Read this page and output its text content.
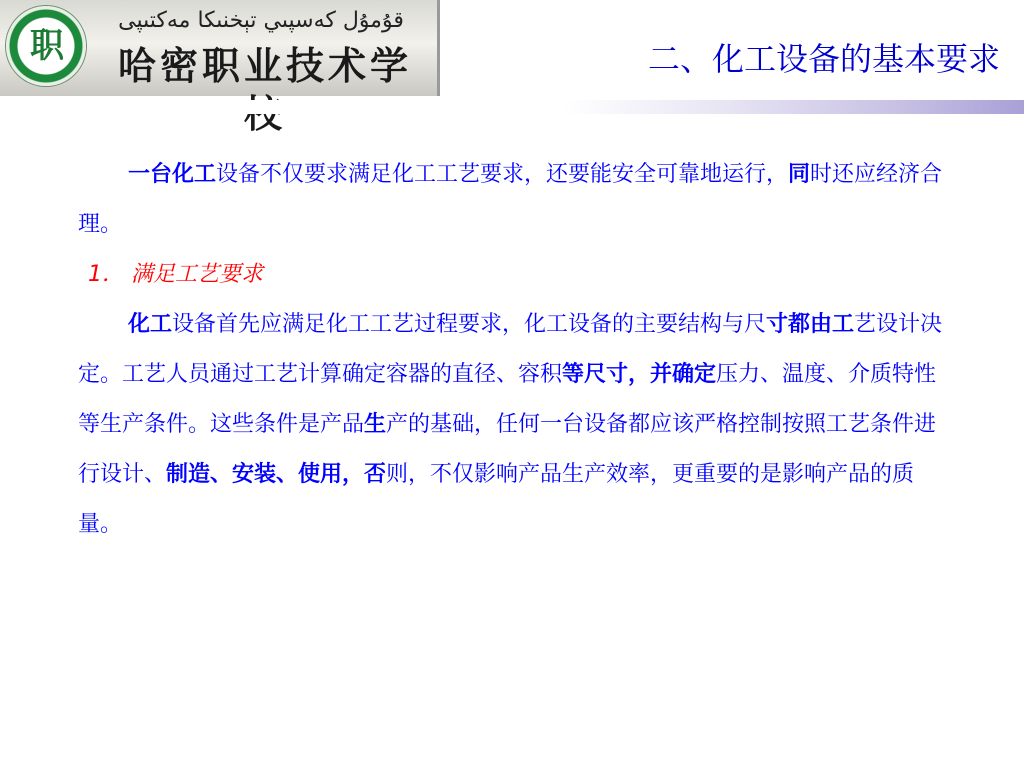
职
قۇمۇل كەسپىي تېخنىكا مەكتىپى
哈密职业技术学	二、化工设备的基本要求

一台化工设备不仅要求满足化工工艺要求，还要能安全可靠地运行，同时还应经济合理。

1． 满足工艺要求

化工设备首先应满足化工工艺过程要求，化工设备的主要结构与尺寸都由工艺设计决定。工艺人员通过工艺计算确定容器的直径、容积等尺寸，并确定压力、温度、介质特性等生产条件。这些条件是产品生产的基础，任何一台设备都应该严格控制按照工艺条件进行设计、制造、安装、使用，否则，不仅影响产品生产效率，更重要的是影响产品的质量。
